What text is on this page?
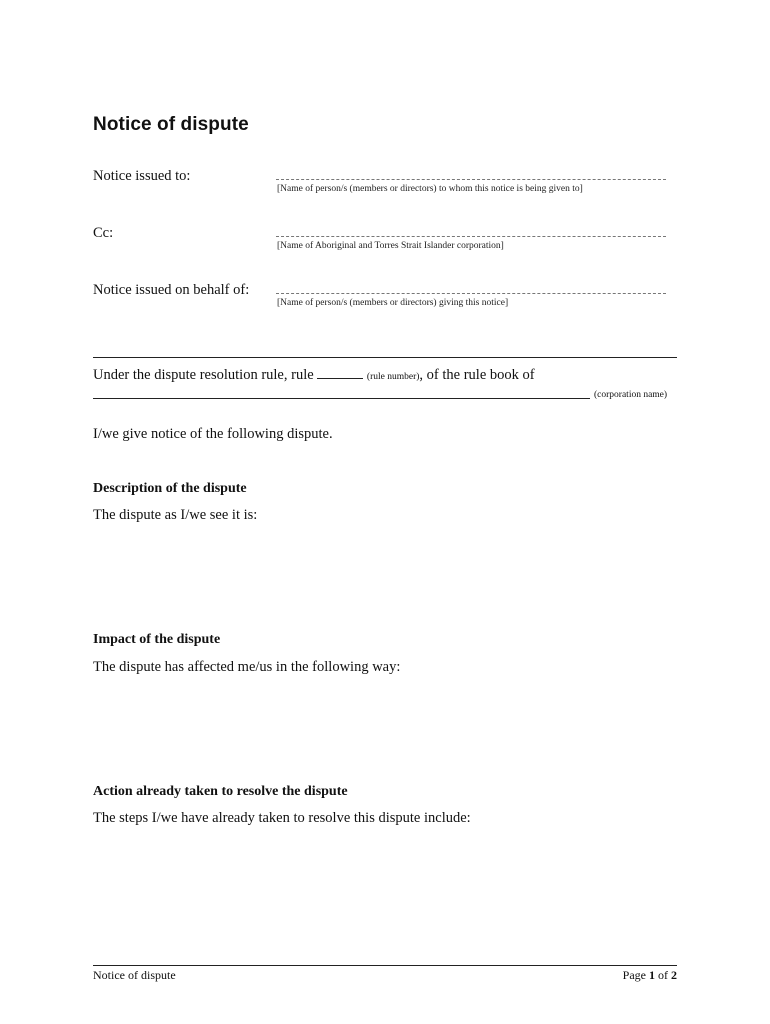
Notice of dispute
Notice issued to:
[Name of person/s (members or directors) to whom this notice is being given to]
Cc:
[Name of Aboriginal and Torres Strait Islander corporation]
Notice issued on behalf of:
[Name of person/s (members or directors) giving this notice]
Under the dispute resolution rule, rule	(rule number), of the rule book of
(corporation name)
I/we give notice of the following dispute.
Description of the dispute
The dispute as I/we see it is:
Impact of the dispute
The dispute has affected me/us in the following way:
Action already taken to resolve the dispute
The steps I/we have already taken to resolve this dispute include:
Notice of dispute	Page 1 of 2
